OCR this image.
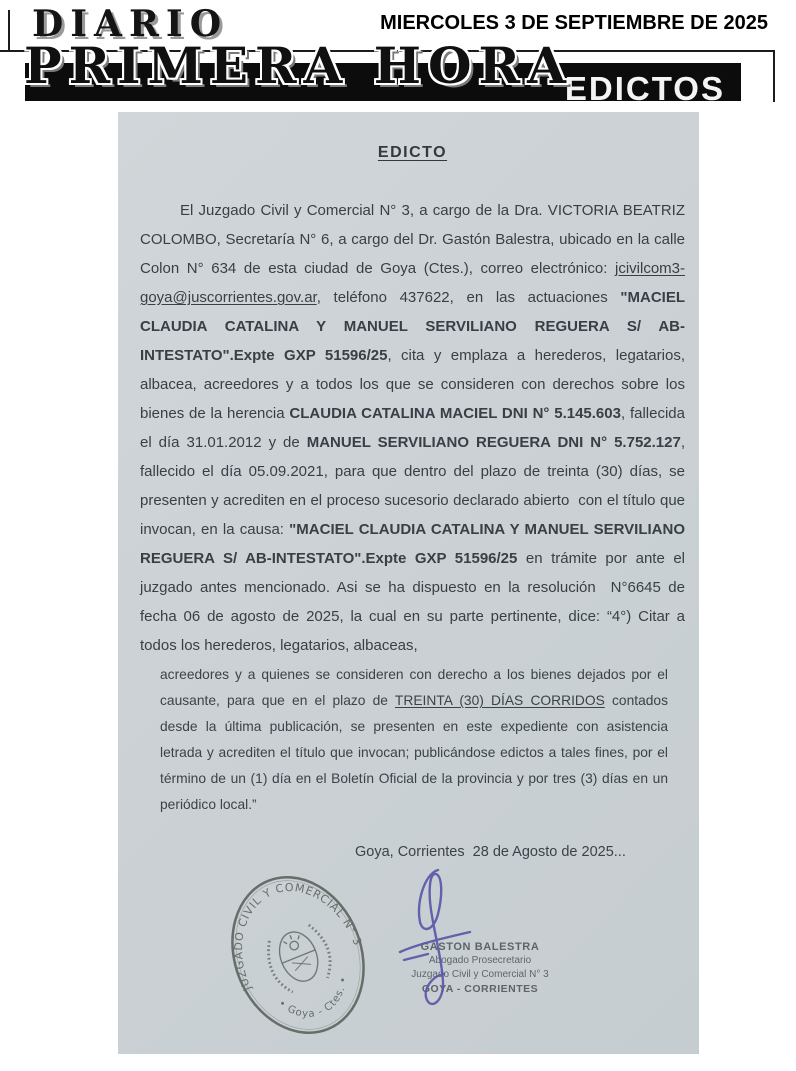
EDICTOS
DIARIO
PRIMERA HORA
MIERCOLES 3 DE SEPTIEMBRE DE 2025
EDICTO
El Juzgado Civil y Comercial N° 3, a cargo de la Dra. VICTORIA BEATRIZ COLOMBO, Secretaría N° 6, a cargo del Dr. Gastón Balestra, ubicado en la calle Colon N° 634 de esta ciudad de Goya (Ctes.), correo electrónico: jcivilcom3-goya@juscorrientes.gov.ar, teléfono 437622, en las actuaciones "MACIEL CLAUDIA CATALINA Y MANUEL SERVILIANO REGUERA S/ AB-INTESTATO".Expte GXP 51596/25, cita y emplaza a herederos, legatarios, albacea, acreedores y a todos los que se consideren con derechos sobre los bienes de la herencia CLAUDIA CATALINA MACIEL DNI N° 5.145.603, fallecida el día 31.01.2012 y de MANUEL SERVILIANO REGUERA DNI N° 5.752.127, fallecido el día 05.09.2021, para que dentro del plazo de treinta (30) días, se presenten y acrediten en el proceso sucesorio declarado abierto  con el título que invocan, en la causa: "MACIEL CLAUDIA CATALINA Y MANUEL SERVILIANO REGUERA S/ AB-INTESTATO".Expte GXP 51596/25 en trámite por ante el juzgado antes mencionado. Asi se ha dispuesto en la resolución  N°6645 de fecha 06 de agosto de 2025, la cual en su parte pertinente, dice: “4°) Citar a todos los herederos, legatarios, albaceas,
acreedores y a quienes se consideren con derecho a los bienes dejados por el causante, para que en el plazo de TREINTA (30) DÍAS CORRIDOS contados desde la última publicación, se presenten en este expediente con asistencia letrada y acrediten el título que invocan; publicándose edictos a tales fines, por el término de un (1) día en el Boletín Oficial de la provincia y por tres (3) días en un periódico local.”
Goya, Corrientes  28 de Agosto de 2025...
JUZGADO CIVIL Y COMERCIAL N° 3
• Goya - Ctes. •
GASTON BALESTRA
Abogado Prosecretario
Juzgado Civil y Comercial N° 3
GOYA - CORRIENTES
